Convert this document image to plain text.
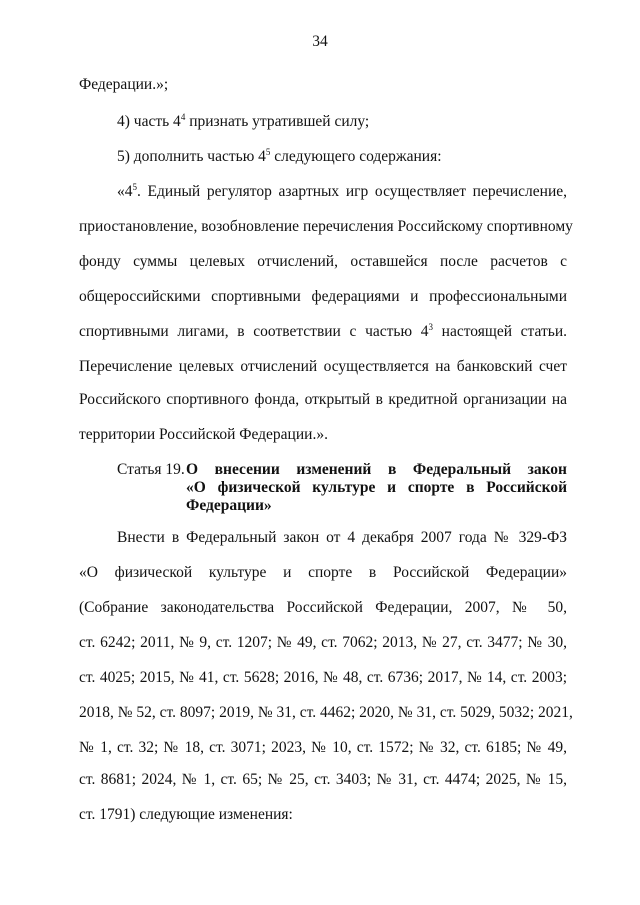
34
Федерации.»;
4) часть $4^4$ признать утратившей силу;
5) дополнить частью $4^5$ следующего содержания:
«$4^5$. Единый регулятор азартных игр осуществляет перечисление,
приостановление, возобновление перечисления Российскому спортивному
фонду суммы целевых отчислений, оставшейся после расчетов с
общероссийскими спортивными федерациями и профессиональными
спортивными лигами, в соответствии с частью $4^3$ настоящей статьи.
Перечисление целевых отчислений осуществляется на банковский счет
Российского спортивного фонда, открытый в кредитной организации на
территории Российской Федерации.».
Статья 19. О внесении изменений в Федеральный закон
«О физической культуре и спорте в Российской
Федерации»
Внести в Федеральный закон от 4 декабря 2007 года № 329-ФЗ
«О физической культуре и спорте в Российской Федерации»
(Собрание законодательства Российской Федерации, 2007, № 50,
ст. 6242; 2011, № 9, ст. 1207; № 49, ст. 7062; 2013, № 27, ст. 3477; № 30,
ст. 4025; 2015, № 41, ст. 5628; 2016, № 48, ст. 6736; 2017, № 14, ст. 2003;
2018, № 52, ст. 8097; 2019, № 31, ст. 4462; 2020, № 31, ст. 5029, 5032; 2021,
№ 1, ст. 32; № 18, ст. 3071; 2023, № 10, ст. 1572; № 32, ст. 6185; № 49,
ст. 8681; 2024, № 1, ст. 65; № 25, ст. 3403; № 31, ст. 4474; 2025, № 15,
ст. 1791) следующие изменения:
